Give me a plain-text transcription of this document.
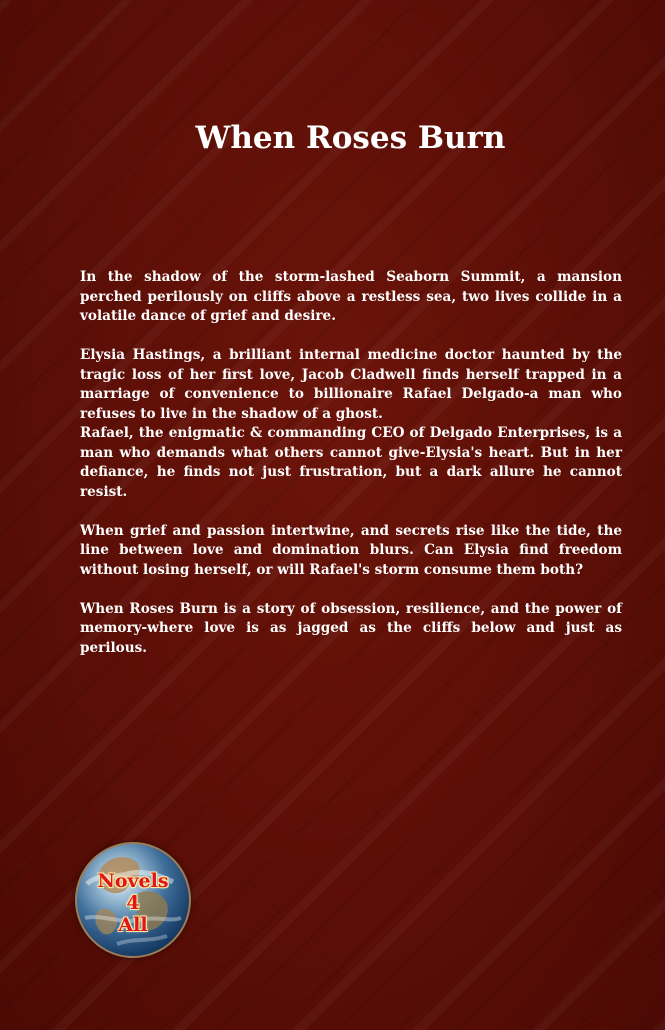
When Roses Burn

In the shadow of the storm-lashed Seaborn Summit, a mansion perched perilously on cliffs above a restless sea, two lives collide in a volatile dance of grief and desire.

Elysia Hastings, a brilliant internal medicine doctor haunted by the tragic loss of her first love, Jacob Cladwell finds herself trapped in a marriage of convenience to billionaire Rafael Delgado-a man who refuses to live in the shadow of a ghost.

Rafael, the enigmatic & commanding CEO of Delgado Enterprises, is a man who demands what others cannot give-Elysia's heart. But in her defiance, he finds not just frustration, but a dark allure he cannot resist.

When grief and passion intertwine, and secrets rise like the tide, the line between love and domination blurs. Can Elysia find freedom without losing herself, or will Rafael's storm consume them both?

When Roses Burn is a story of obsession, resilience, and the power of memory-where love is as jagged as the cliffs below and just as perilous.

Novels
4
All
